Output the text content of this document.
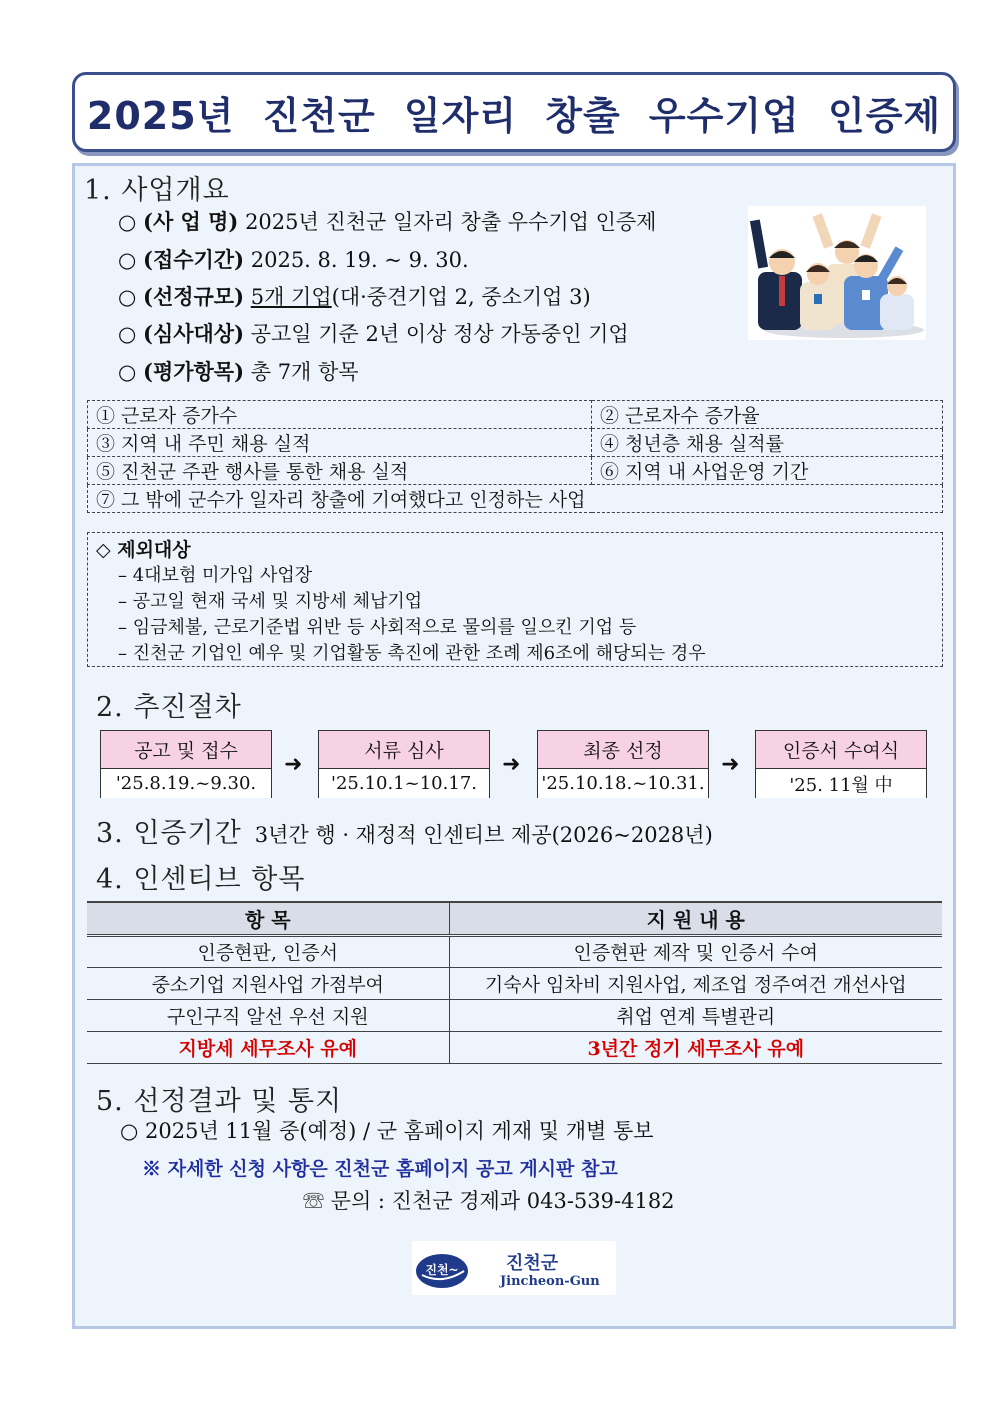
2025년 진천군 일자리 창출 우수기업 인증제
1. 사업개요
○ (사 업 명) 2025년 진천군 일자리 창출 우수기업 인증제
○ (접수기간) 2025. 8. 19. ~ 9. 30.
○ (선정규모) 5개 기업(대·중견기업 2, 중소기업 3)
○ (심사대상) 공고일 기준 2년 이상 정상 가동중인 기업
○ (평가항목) 총 7개 항목
① 근로자 증가수	② 근로자수 증가율
③ 지역 내 주민 채용 실적	④ 청년층 채용 실적률
⑤ 진천군 주관 행사를 통한 채용 실적	⑥ 지역 내 사업운영 기간
⑦ 그 밖에 군수가 일자리 창출에 기여했다고 인정하는 사업	
◇ 제외대상
– 4대보험 미가입 사업장
– 공고일 현재 국세 및 지방세 체납기업
– 임금체불, 근로기준법 위반 등 사회적으로 물의를 일으킨 기업 등
– 진천군 기업인 예우 및 기업활동 촉진에 관한 조례 제6조에 해당되는 경우
2. 추진절차
공고 및 접수
'25.8.19.~9.30.
➜
서류 심사
'25.10.1~10.17.
➜
최종 선정
'25.10.18.~10.31.
➜
인증서 수여식
'25. 11월 中
3. 인증기간 3년간 행 · 재정적 인센티브 제공(2026~2028년)
4. 인센티브 항목
항 목	지 원 내 용
인증현판, 인증서	인증현판 제작 및 인증서 수여
중소기업 지원사업 가점부여	기숙사 임차비 지원사업, 제조업 정주여건 개선사업
구인구직 알선 우선 지원	취업 연계 특별관리
지방세 세무조사 유예	3년간 정기 세무조사 유예
5. 선정결과 및 통지
○ 2025년 11월 중(예정) / 군 홈페이지 게재 및 개별 통보
※ 자세한 신청 사항은 진천군 홈페이지 공고 게시판 참고
☏ 문의 : 진천군 경제과 043-539-4182
진천~	진천군
Jincheon-Gun
